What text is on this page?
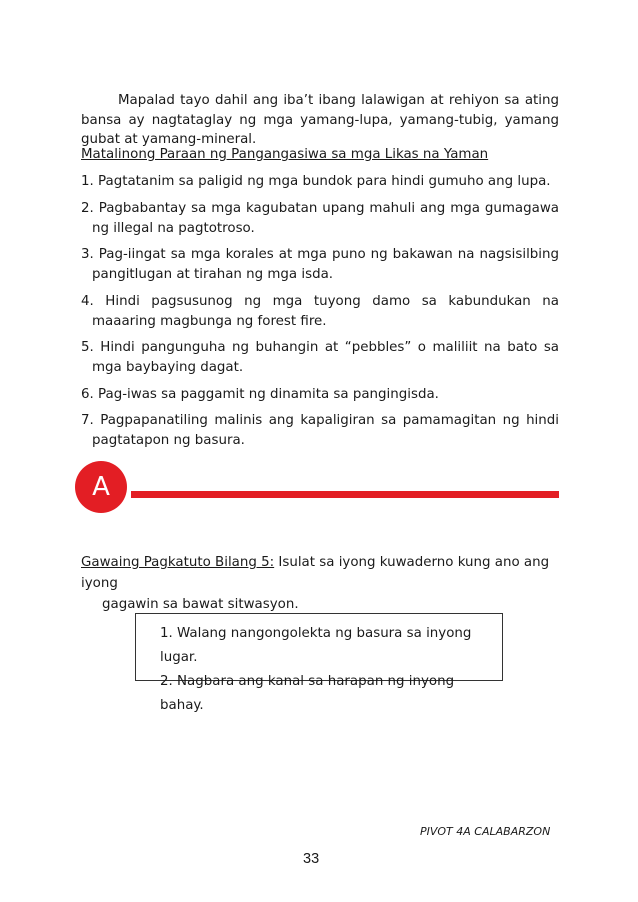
Mapalad tayo dahil ang iba’t ibang lalawigan at rehiyon sa ating bansa ay nagtataglay ng mga yamang-lupa, yamang-tubig, yamang gubat at yamang-mineral.

Matalinong Paraan ng Pangangasiwa sa mga Likas na Yaman

1. Pagtatanim sa paligid ng mga bundok para hindi gumuho ang lupa.
2. Pagbabantay sa mga kagubatan upang mahuli ang mga gumagawa ng illegal na pagtotroso.
3. Pag-iingat sa mga korales at mga puno ng bakawan na nagsisilbing pangitlugan at tirahan ng mga isda.
4. Hindi pagsusunog ng mga tuyong damo sa kabundukan na maaaring magbunga ng forest fire.
5. Hindi pangunguha ng buhangin at “pebbles” o maliliit na bato sa mga baybaying dagat.
6. Pag-iwas sa paggamit ng dinamita sa pangingisda.
7. Pagpapanatiling malinis ang kapaligiran sa pamamagitan ng hindi pagtatapon ng basura.
A

Gawaing Pagkatuto Bilang 5: Isulat sa iyong kuwaderno kung ano ang iyong
gagawin sa bawat sitwasyon.

1. Walang nangongolekta ng basura sa inyong lugar.

2. Nagbara ang kanal sa harapan ng inyong bahay.

PIVOT 4A CALABARZON

33
